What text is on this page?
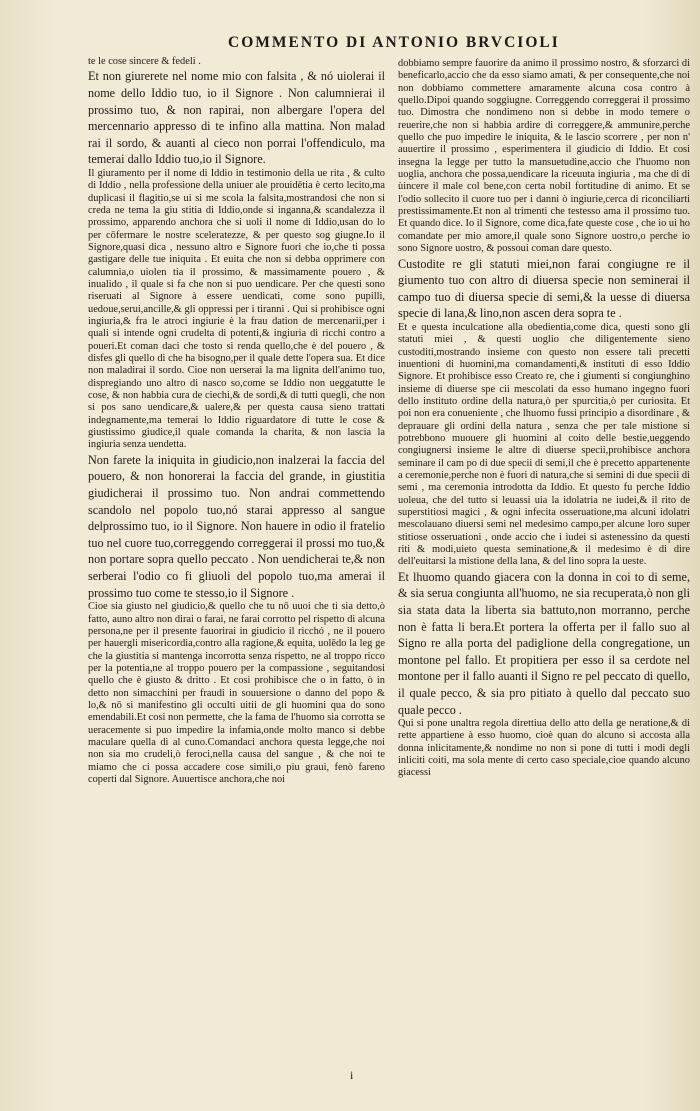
COMMENTO DI ANTONIO BRVCIOLI

te le cose sincere & fedeli .

Et non giurerete nel nome mio con falsita , & nó uiolerai il nome dello Iddio tuo, io il Signore . Non calumnierai il prossimo tuo, & non rapirai, non albergare l'opera del mercennario appresso di te infino alla mattina. Non malad rai il sordo, & auanti al cieco non porrai l'offendiculo, ma temerai dallo Iddio tuo,io il Signore.

Il giuramento per il nome di Iddio in testimonio della ue rita , & culto di Iddio , nella professione della uniuer ale prouidētia è certo lecito,ma duplicasi il flagitio,se ui si me scola la falsita,mostrandosi che non si creda ne tema la giu stitia di Iddio,onde si inganna,& scandalezza il prossimo, apparendo anchora che si uoli il nome di Iddio,usan do lo per cōfermare le nostre sceleratezze, & per questo sog giugne.Io il Signore,quasi dica , nessuno altro e Signore fuori che io,che ti possa gastigare delle tue iniquita . Et euita che non si debba opprimere con calumnia,o uiolen tia il prossimo, & massimamente pouero , & inualido , il quale si fa che non si puo uendicare. Per che questi sono riseruati al Signore à essere uendicati, come sono pupilli, uedoue,serui,ancille,& gli oppressi per i tiranni . Qui si prohibisce ogni ingiuria,& fra le atroci ingiurie è la frau dation de mercenarii,per i quali si intende ogni crudelta di potenti,& ingiuria di ricchi contro a poueri.Et coman daci che tosto si renda quello,che è del pouero , & disfes gli quello di che ha bisogno,per il quale dette l'opera sua. Et dice non maladirai il sordo. Cioe non uerserai la ma lignita dell'animo tuo, dispregiando uno altro di nasco so,come se Iddio non ueggatutte le cose, & non habbia cura de ciechi,& de sordi,& di tutti queglì, che non si pos sano uendicare,& ualere,& per questa causa sieno trattati indegnamente,ma temerai lo Iddio riguardatore di tutte le cose & giustissimo giudice,il quale comanda la charita, & non lascia la ingiuria senza uendetta.

Non farete la iniquita in giudicio,non inalzerai la faccia del pouero, & non honorerai la faccia del grande, in giustitia giudicherai il prossimo tuo. Non andrai commettendo scandolo nel popolo tuo,nó starai appresso al sangue delprossimo tuo, io il Signore. Non hauere in odio il fratelio tuo nel cuore tuo,correggendo correggerai il prossi mo tuo,& non portare sopra quello peccato . Non uendicherai te,& non serberai l'odio co fi gliuoli del popolo tuo,ma amerai il prossimo tuo come te stesso,io il Signore .

Cioe sia giusto nel giudicio,& quello che tu nō uuoi che ti sia detto,ò fatto, auno altro non dirai o farai, ne farai corrotto pel rispetto di alcuna persona,ne per il presente fauorirai in giudicio il ricchó , ne il pouero per hauergli misericordia,contro alla ragione,& equita, uolēdo la leg ge che la giustitia si mantenga incorrotta senza rispetto, ne al troppo ricco per la potentia,ne al troppo pouero per la compassione , seguitandosi quello che è giusto & dritto . Et cosi prohibisce che o in fatto, ò in detto non simacchini per fraudi in souuersione o danno del popo & lo,& nō si manifestino gli occulti uitii de gli huomini qua do sono emendabili.Et cosi non permette, che la fama de l'huomo sia corrotta se ueracemente si puo impedire la infamia,onde molto manco si debbe maculare quella di al cuno.Comandaci anchora questa legge,che noi non sia mo crudeli,ò feroci,nella causa del sangue , & che noi te miamo che ci possa accadere cose simili,o piu graui, fenò fareno coperti dal Signore. Auuertisce anchora,che noi

dobbiamo sempre fauorire da animo il prossimo nostro, & sforzarci di beneficarlo,accio che da esso siamo amati, & per consequente,che noi non dobbiamo commettere amaramente alcuna cosa contro à quello.Dipoi quando soggiugne. Correggendo correggerai il prossimo tuo. Dimostra che nondimeno non si debbe in modo temere o reuerire,che non si habbia ardire di correggere,& ammunire,perche quello che puo impedire le iniquita, & le lascio scorrere , per non n' auuertire il prossimo , esperimentera il giudicio di Iddio. Et cosi insegna la legge per tutto la mansuetudine,accio che l'huomo non uoglia, anchora che possa,uendicare la riceuuta ingiuria , ma che di di ùincere il male col bene,con certa nobil fortitudine di animo. Et se l'odio sollecito il cuore tuo per i danni ò ingiurie,cerca di riconciliarti prestissimamente.Et non al trimenti che testesso ama il prossimo tuo. Et quando dice. Io il Signore, come dica,fate queste cose , che io ui ho comandate per mio amore,il quale sono Signore uostro,o perche io sono Signore uostro, & possoui coman dare questo.

Custodite re gli statuti miei,non farai congiugne re il giumento tuo con altro di diuersa specie non seminerai il campo tuo di diuersa specie di semi,& la uesse di diuersa specie di lana,& lino,non ascen dera sopra te .

Et e questa inculcatione alla obedientia,come dica, questi sono gli statuti miei , & questi uoglio che diligentemente sieno custoditi,mostrando insieme con questo non essere tali precetti inuentioni di huomini,ma comandamenti,& instituti di esso Iddio Signore. Et prohibisce esso Creato re, che i giumenti si congiunghino insieme di diuerse spe cii mescolati da esso humano ingegno fuori dello instituto ordine della natura,ò per spurcitia,ò per curiosita. Et poi non era conueniente , che lhuomo fussi principio a disordinare , & deprauare gli ordini della natura , senza che per tale mistione si potrebbono muouere gli huomini al coito delle bestie,ueggendo congiugnersi insieme le altre di diuerse specii,prohibisce anchora seminare il cam po di due specii di semi,il che è precetto appartenente a ceremonie,perche non è fuori di natura,che si semini di due specii di semi , ma ceremonia introdotta da Iddio. Et questo fu perche Iddio uoleua, che del tutto si leuassi uia la idolatria ne iudei,& il rito de superstitiosi magici , & ogni infecita osseruatione,ma alcuni idolatri mescolauano diuersi semi nel medesimo campo,per alcune loro super stitiose osseruationi , onde accio che i iudei si astenessino da questi riti & modi,uieto questa seminatione,& il medesimo è di dire dell'euitarsi la mistione della lana, & del lino sopra la ueste.

Et lhuomo quando giacera con la donna in coi to di seme, & sia serua congiunta all'huomo, ne sia recuperata,ò non gli sia stata data la liberta sia battuto,non morranno, perche non è fatta li bera.Et portera la offerta per il fallo suo al Signo re alla porta del padiglione della congregatione, un montone pel fallo. Et propitiera per esso il sa cerdote nel montone per il fallo auanti il Signo re pel peccato di quello, il quale pecco, & sia pro pitiato à quello dal peccato suo quale pecco .

Qui si pone unaltra regola direttiua dello atto della ge neratione,& di rette appartiene à esso huomo, cioè quan do alcuno si accosta alla donna inlicitamente,& nondime no non si pone di tutti i modi degli inliciti coiti, ma sola mente di certo caso speciale,cioe quando alcuno giacessi

i
